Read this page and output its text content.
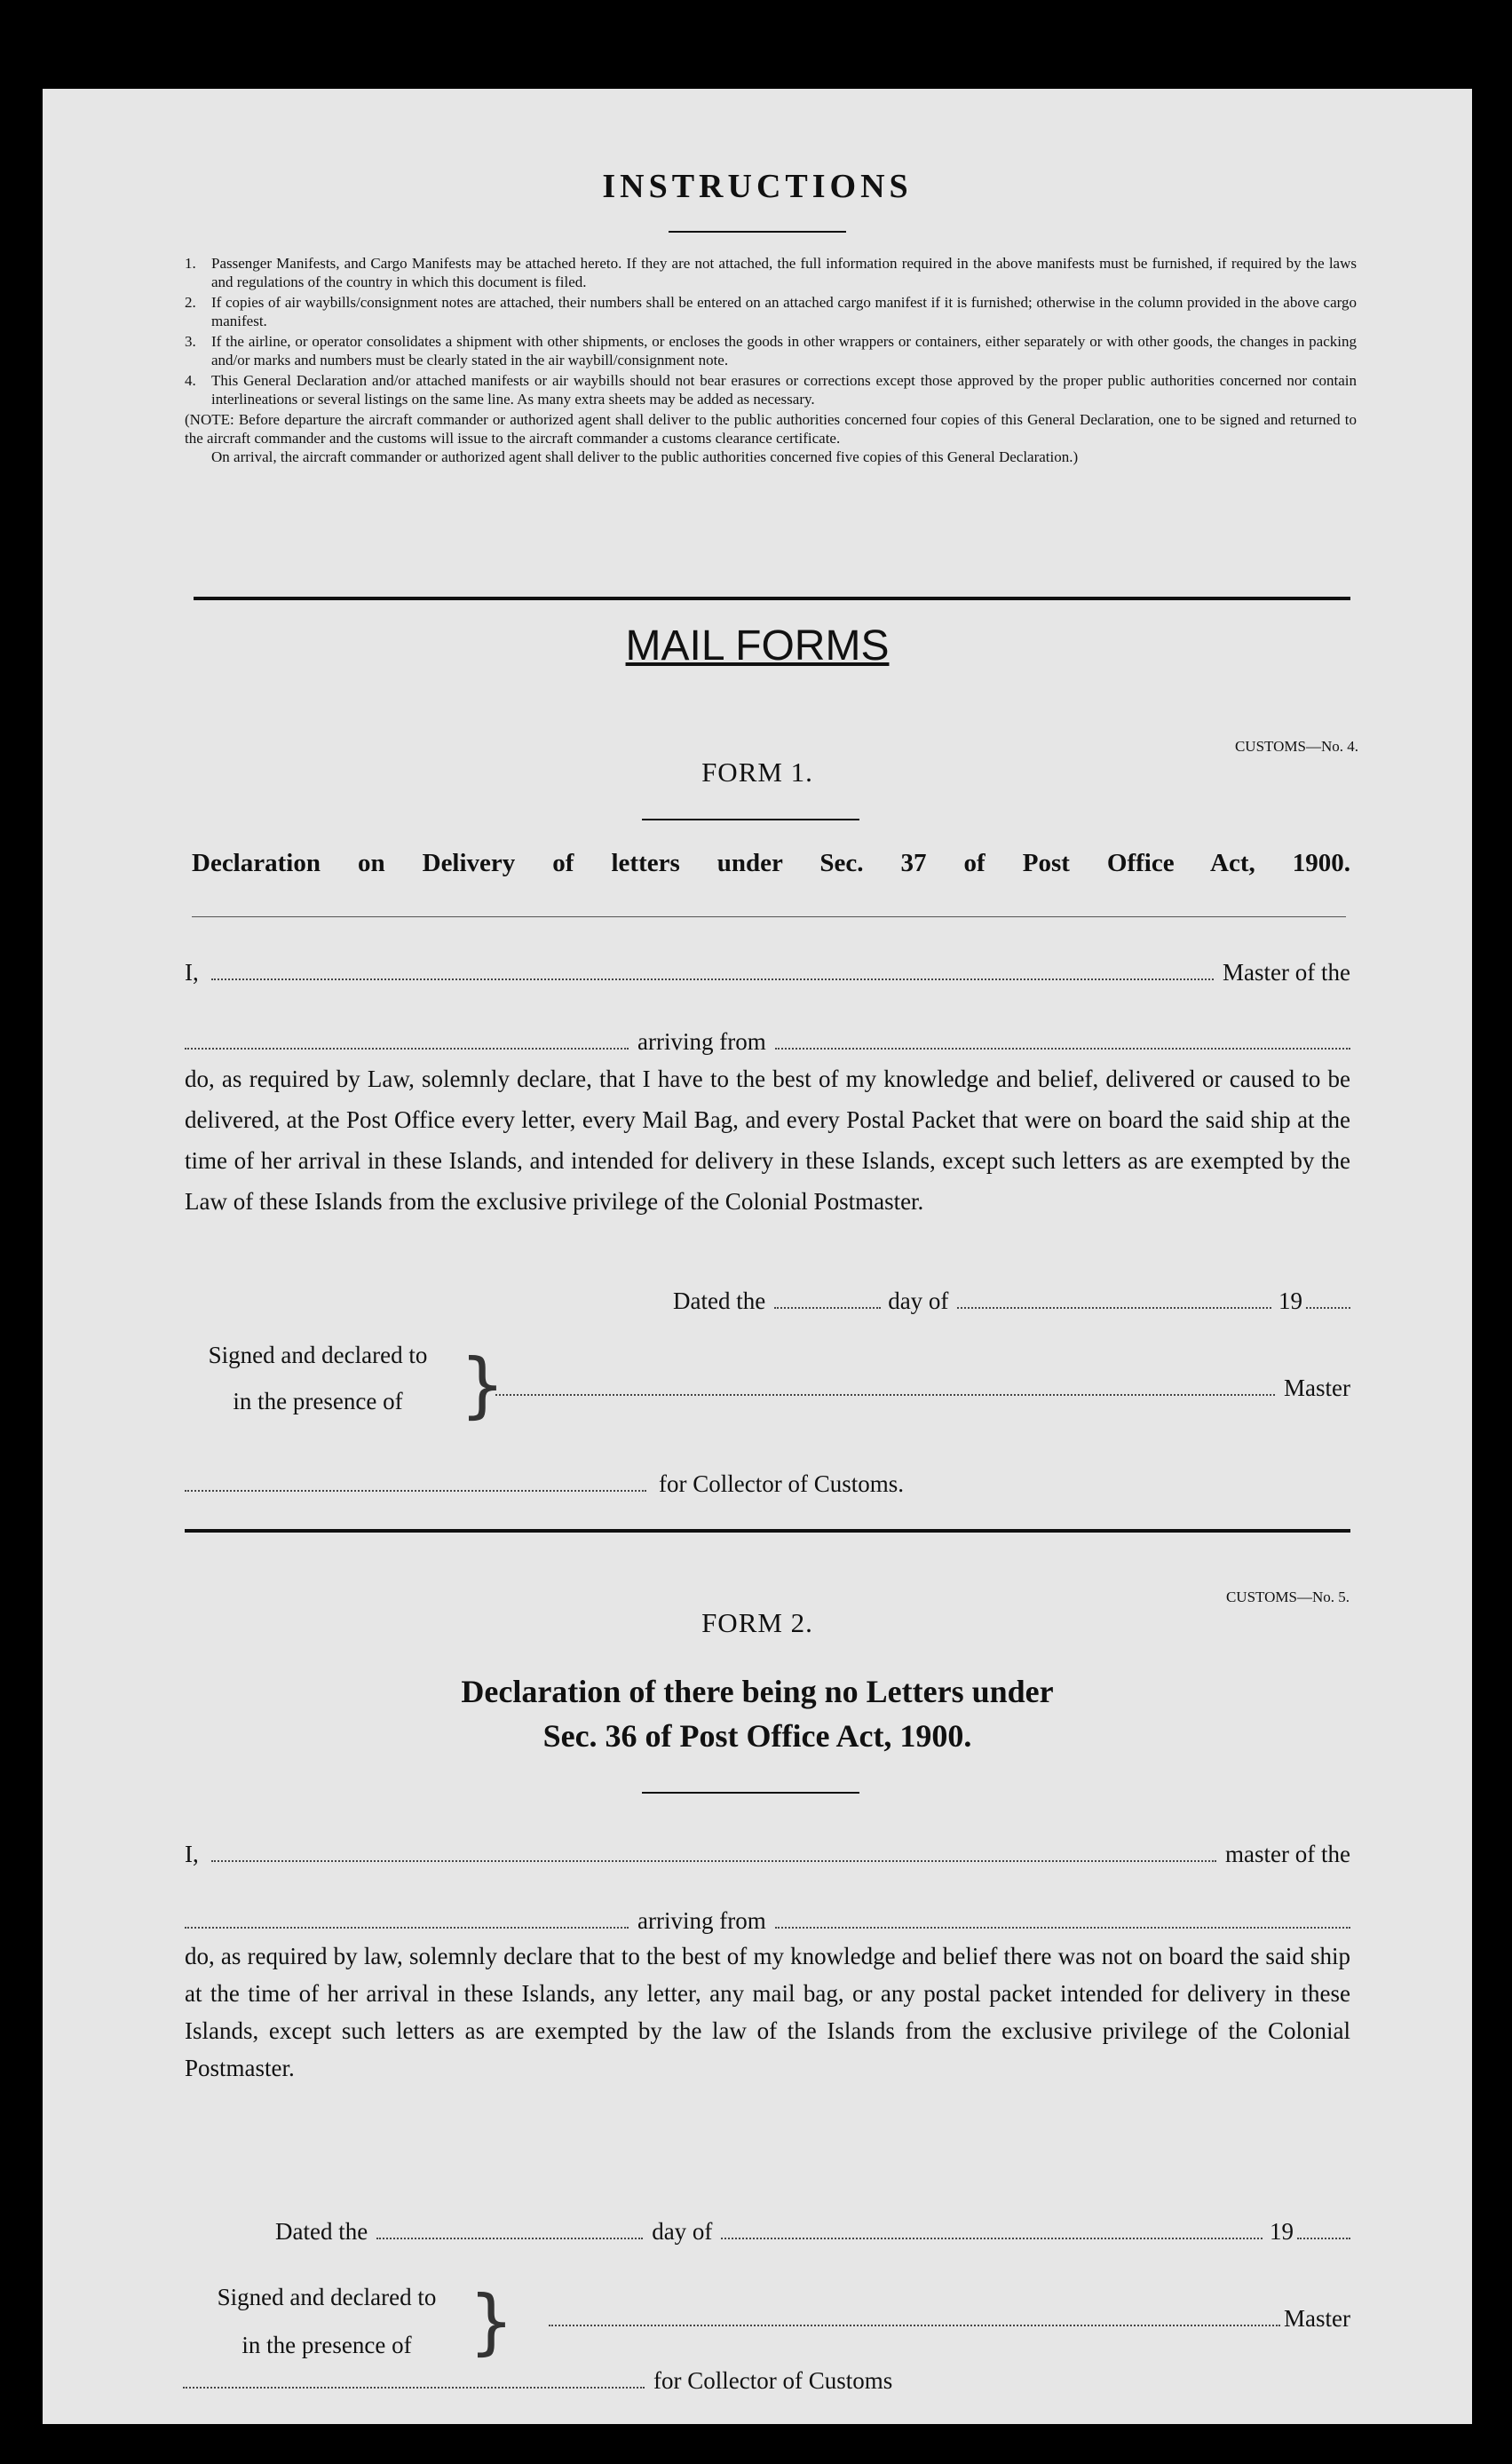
INSTRUCTIONS
1.	Passenger Manifests, and Cargo Manifests may be attached hereto. If they are not attached, the full information required in the above manifests must be furnished, if required by the laws and regulations of the country in which this document is filed.
2.	If copies of air waybills/consignment notes are attached, their numbers shall be entered on an attached cargo manifest if it is furnished; otherwise in the column provided in the above cargo manifest.
3.	If the airline, or operator consolidates a shipment with other shipments, or encloses the goods in other wrappers or containers, either separately or with other goods, the changes in packing and/or marks and numbers must be clearly stated in the air waybill/consignment note.
4.	This General Declaration and/or attached manifests or air waybills should not bear erasures or corrections except those approved by the proper public authorities concerned nor contain interlineations or several listings on the same line. As many extra sheets may be added as necessary.
(NOTE: Before departure the aircraft commander or authorized agent shall deliver to the public authorities concerned four copies of this General Declaration, one to be signed and returned to the aircraft commander and the customs will issue to the aircraft commander a customs clearance certificate.
On arrival, the aircraft commander or authorized agent shall deliver to the public authorities concerned five copies of this General Declaration.)
MAIL FORMS
CUSTOMS—No. 4.
FORM 1.
Declaration on Delivery of letters under Sec. 37 of Post Office Act, 1900.
I,	Master of the
arriving from
do, as required by Law, solemnly declare, that I have to the best of my knowledge and belief, delivered or caused to be delivered, at the Post Office every letter, every Mail Bag, and every Postal Packet that were on board the said ship at the time of her arrival in these Islands, and intended for delivery in these Islands, except such letters as are exempted by the Law of these Islands from the exclusive privilege of the Colonial Postmaster.
Dated the	day of	19
Signed and declared to
in the presence of }	Master
for Collector of Customs.
CUSTOMS—No. 5.
FORM 2.
Declaration of there being no Letters under
Sec. 36 of Post Office Act, 1900.
I,	master of the
arriving from
do, as required by law, solemnly declare that to the best of my knowledge and belief there was not on board the said ship at the time of her arrival in these Islands, any letter, any mail bag, or any postal packet intended for delivery in these Islands, except such letters as are exempted by the law of the Islands from the exclusive privilege of the Colonial Postmaster.
Dated the	day of	19
Signed and declared to
in the presence of }	Master
for Collector of Customs
